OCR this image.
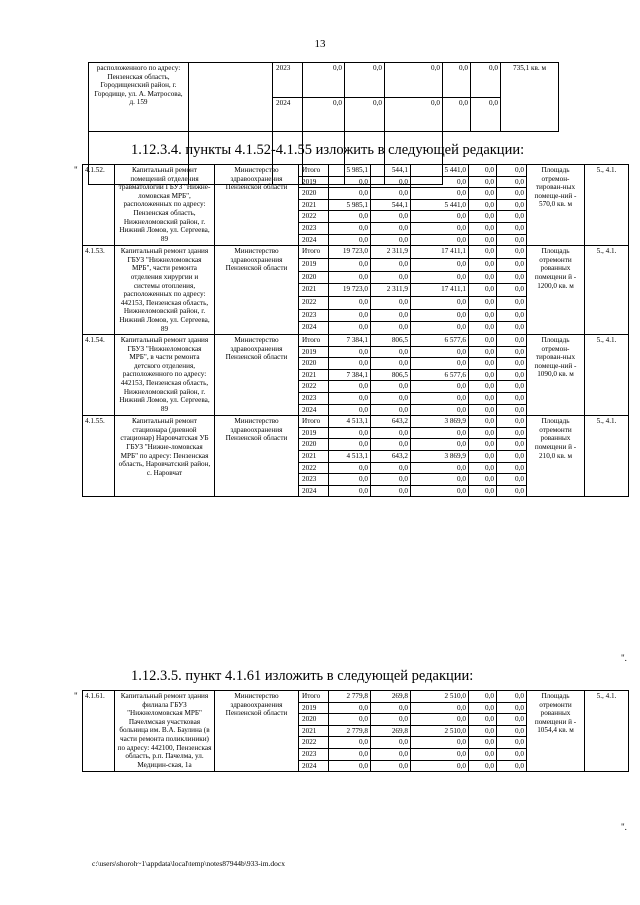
13
расположенного по адресу: Пензенская область, Городищенский район, г. Городище, ул. А. Матросова, д. 159		2023	0,0	0,0	0,0	0,0	0,0	735,1 кв. м
		2024	0,0	0,0	0,0	0,0	0,0	

1.12.3.4. пункты 4.1.52-4.1.55 изложить в следующей редакции:
" 4.1.52.	Капитальный ремонт помещений отделения травматологии ГБУЗ "Нижне-ломовская МРБ", расположенных по адресу: Пензенская область, Нижнеломовский район, г. Нижний Ломов, ул. Сергеева, 89	Министерство здравоохранения Пензенской области	Итого	5 985,1	544,1	5 441,0	0,0	0,0	Площадь отремон-тирован-ных помеще-ний - 570,0 кв. м	5., 4.1.
			2019	0,0	0,0	0,0	0,0	0,0		
			2020	0,0	0,0	0,0	0,0	0,0		
			2021	5 985,1	544,1	5 441,0	0,0	0,0		
			2022	0,0	0,0	0,0	0,0	0,0		
			2023	0,0	0,0	0,0	0,0	0,0		
			2024	0,0	0,0	0,0	0,0	0,0		
4.1.53.	Капитальный ремонт здания ГБУЗ "Нижнеломовская МРБ", части ремонта отделения хирургии и системы отопления, расположенных по адресу: 442153, Пензенская область, Нижнеломовский район, г. Нижний Ломов, ул. Сергеева, 89	Министерство здравоохранения Пензенской области	Итого	19 723,0	2 311,9	17 411,1	0,0	0,0	Площадь отремонти рованных помещени й - 1200,0 кв. м	5., 4.1.
			2019	0,0	0,0	0,0	0,0	0,0		
			2020	0,0	0,0	0,0	0,0	0,0		
			2021	19 723,0	2 311,9	17 411,1	0,0	0,0		
			2022	0,0	0,0	0,0	0,0	0,0		
			2023	0,0	0,0	0,0	0,0	0,0		
			2024	0,0	0,0	0,0	0,0	0,0		
4.1.54.	Капитальный ремонт здания ГБУЗ "Нижнеломовская МРБ", в части ремонта детского отделения, расположенного по адресу: 442153, Пензенская область, Нижнеломовский район, г. Нижний Ломов, ул. Сергеева, 89	Министерство здравоохранения Пензенской области	Итого	7 384,1	806,5	6 577,6	0,0	0,0	Площадь отремон-тирован-ных помеще-ний - 1090,0 кв. м	5., 4.1.
			2019	0,0	0,0	0,0	0,0	0,0		
			2020	0,0	0,0	0,0	0,0	0,0		
			2021	7 384,1	806,5	6 577,6	0,0	0,0		
			2022	0,0	0,0	0,0	0,0	0,0		
			2023	0,0	0,0	0,0	0,0	0,0		
			2024	0,0	0,0	0,0	0,0	0,0		
4.1.55.	Капитальный ремонт стационара (дневной стационар) Наровчатская УБ ГБУЗ "Нижне-ломовская МРБ" по адресу: Пензенская область, Наровчатский район, с. Наровчат	Министерство здравоохранения Пензенской области	Итого	4 513,1	643,2	3 869,9	0,0	0,0	Площадь отремонти рованных помещени й - 210,0 кв. м	5., 4.1.
			2019	0,0	0,0	0,0	0,0	0,0		
			2020	0,0	0,0	0,0	0,0	0,0		
			2021	4 513,1	643,2	3 869,9	0,0	0,0		
			2022	0,0	0,0	0,0	0,0	0,0		
			2023	0,0	0,0	0,0	0,0	0,0		
			2024	0,0	0,0	0,0	0,0	0,0		
".
1.12.3.5. пункт 4.1.61 изложить в следующей редакции:
" 4.1.61.	Капитальный ремонт здания филиала ГБУЗ "Нижнеломовская МРБ" Пачелмская участковая больница им. В.А. Баулина (в части ремонта поликлиники) по адресу: 442100, Пензенская область, р.п. Пачелма, ул. Медицин-ская, 1а	Министерство здравоохранения Пензенской области	Итого	2 779,8	269,8	2 510,0	0,0	0,0	Площадь отремонти рованных помещени й - 1054,4 кв. м	5., 4.1.
			2019	0,0	0,0	0,0	0,0	0,0		
			2020	0,0	0,0	0,0	0,0	0,0		
			2021	2 779,8	269,8	2 510,0	0,0	0,0		
			2022	0,0	0,0	0,0	0,0	0,0		
			2023	0,0	0,0	0,0	0,0	0,0		
			2024	0,0	0,0	0,0	0,0	0,0		
".
c:\users\shoroh~1\appdata\local\temp\notes87944b\933-im.docx
